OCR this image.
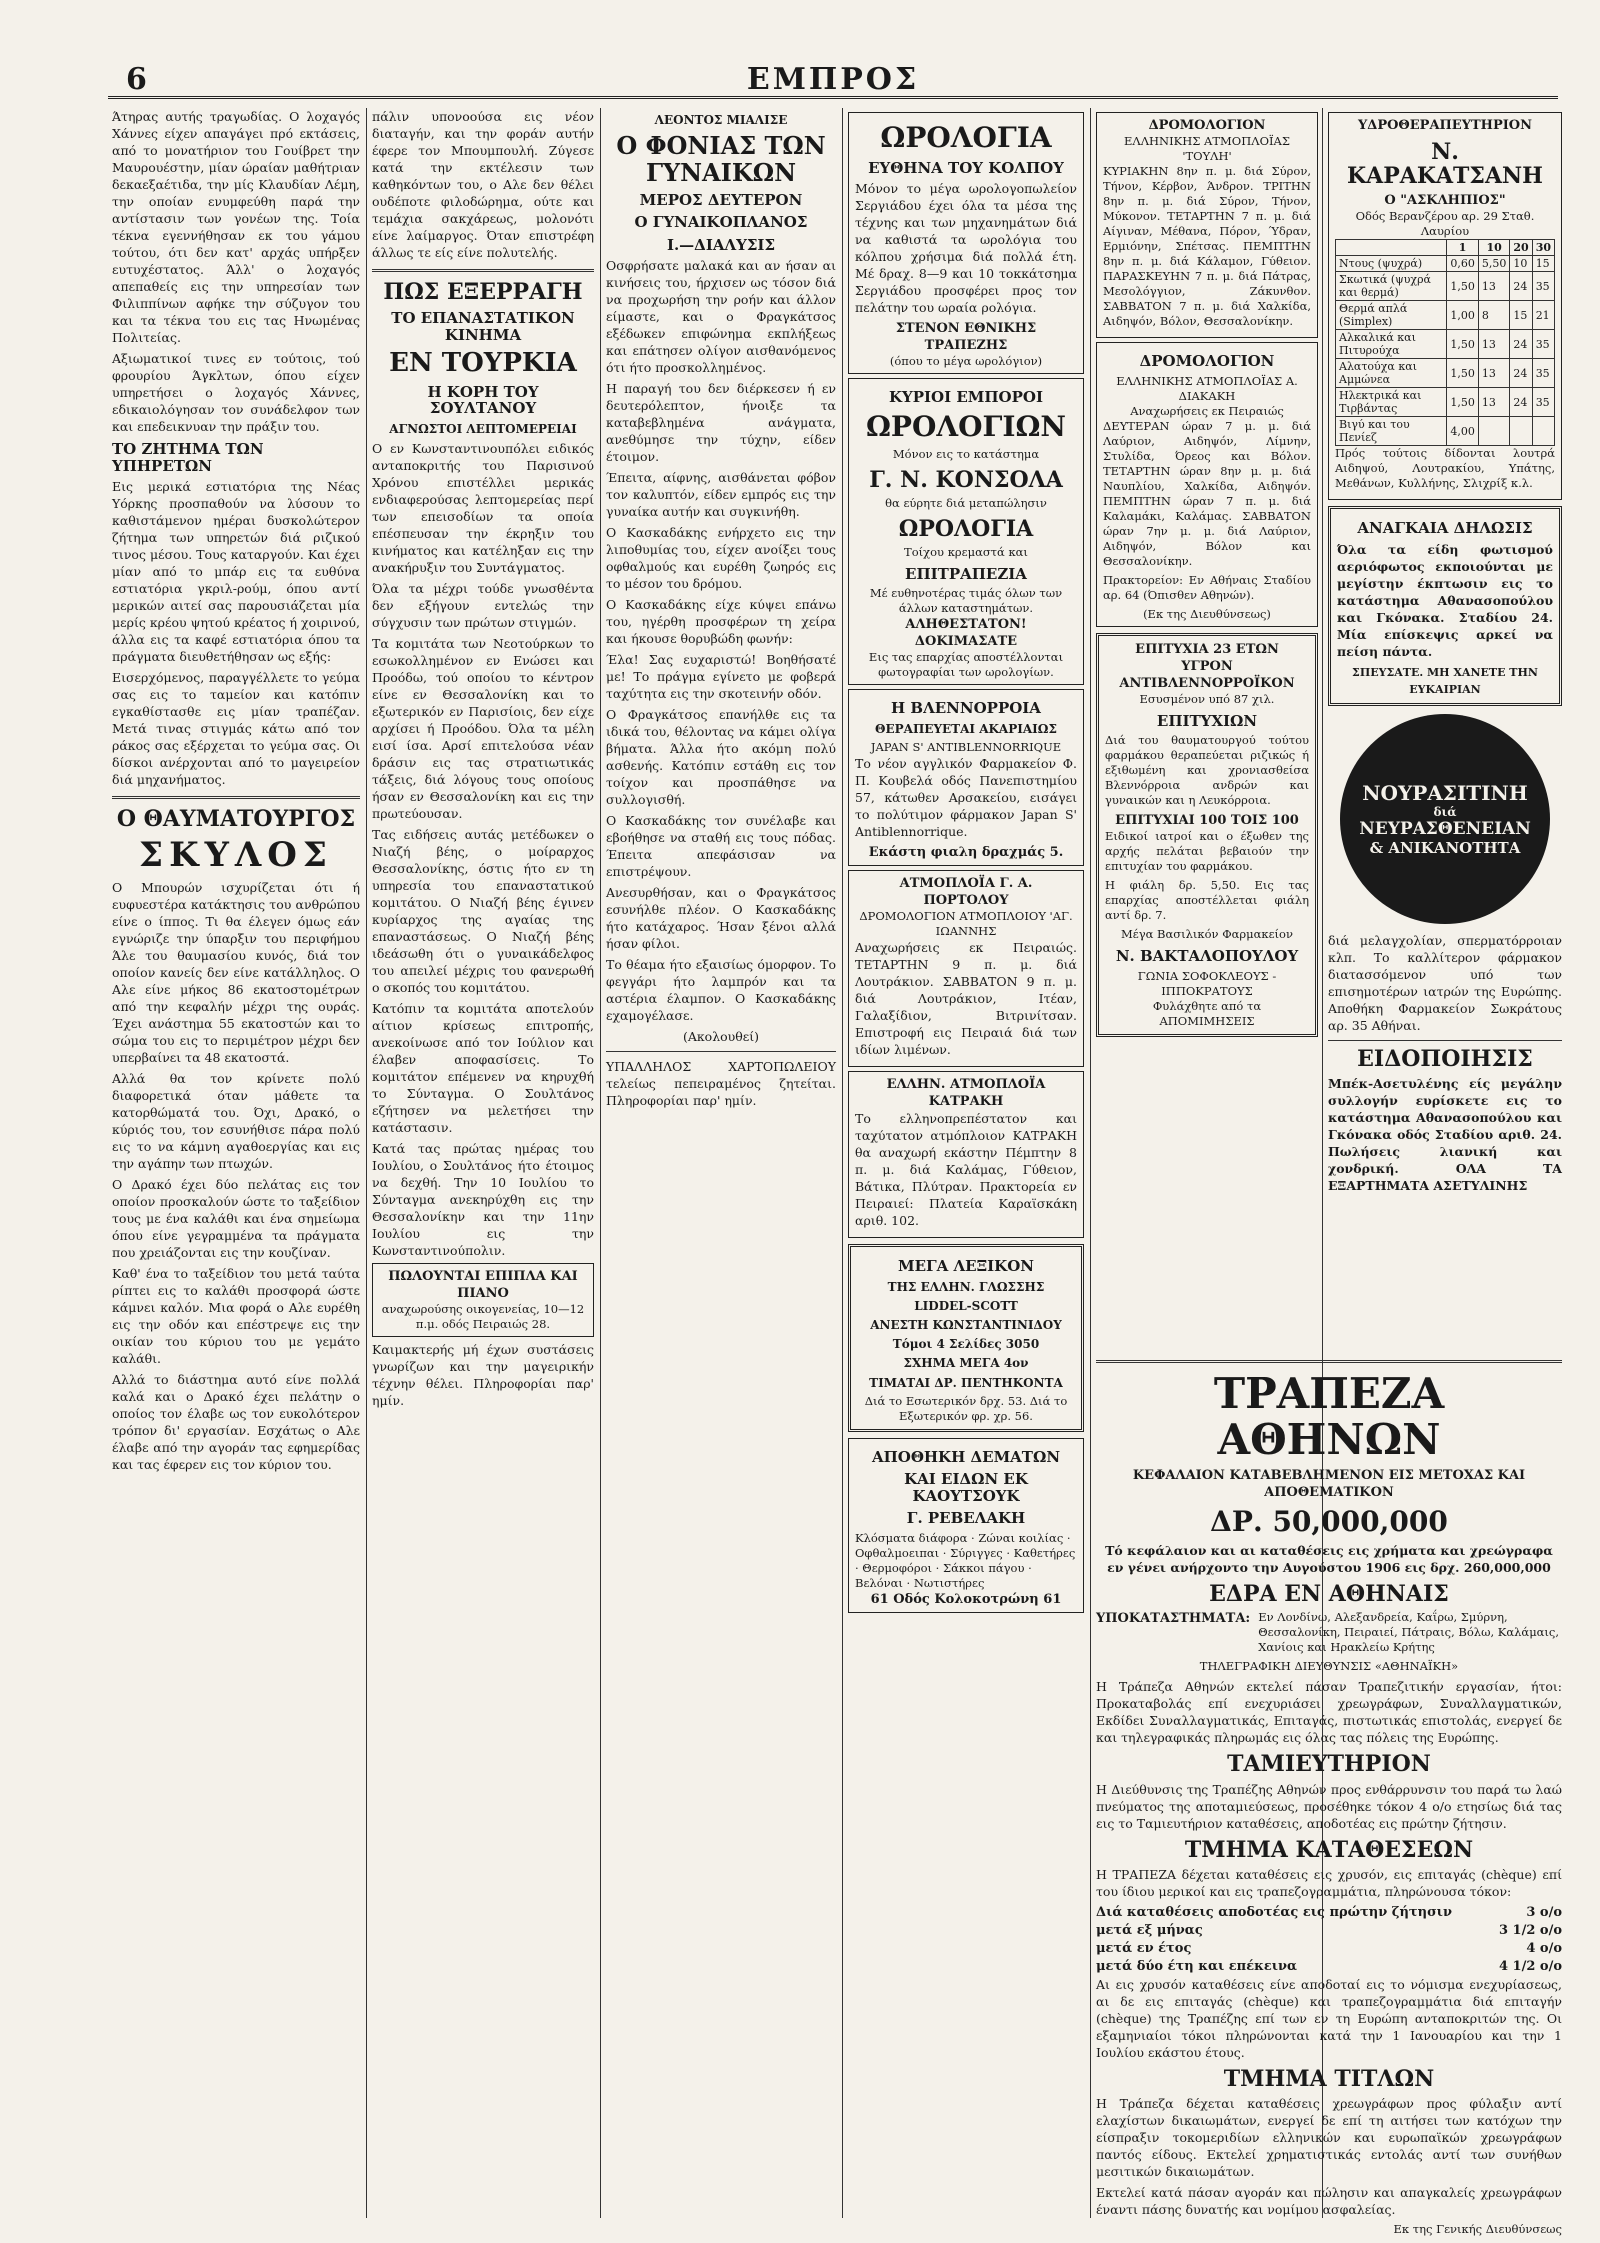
6	ΕΜΠΡΟΣ

Άτηρας αυτής τραγωδίας. Ο λοχαγός Χάννες είχεν απαγάγει πρό εκτάσεις, από το μονατήριον του Γουίβρετ την Μαυρουέστην, μίαν ώραίαν μαθήτριαν δεκαεξαέτιδα, την μίς Κλαυδίαν Λέμη, την οποίαν ενυμφεύθη παρά την αντίστασιν των γονέων της. Τοία τέκνα εγεννήθησαν εκ του γάμου τούτου, ότι δεν κατ' αρχάς υπήρξεν ευτυχέστατος. Άλλ' ο λοχαγός απεπαθείς εις την υπηρεσίαν των Φιλιππίνων αφήκε την σύζυγον του και τα τέκνα του εις τας Ηνωμένας Πολιτείας.

Αξιωματικοί τινες εν τούτοις, τού φρουρίου Άγκλτων, όπου είχεν υπηρετήσει ο λοχαγός Χάννες, εδικαιολόγησαν τον συνάδελφον των και επεδεικνυαν την πράξιν του.

ΤΟ ΖΗΤΗΜΑ ΤΩΝ ΥΠΗΡΕΤΩΝ

Εις μερικά εστιατόρια της Νέας Υόρκης προσπαθούν να λύσουν το καθιστάμενον ημέραι δυσκολώτερον ζήτημα των υπηρετών διά ριζικού τινος μέσου. Τους καταργούν. Και έχει μίαν από το μπάρ εις τα ευθύνα εστιατόρια γκριλ-ρούμ, όπου αντί μερικών αιτεί σας παρουσιάζεται μία μερίς κρέου ψητού κρέατος ή χοιρινού, άλλα εις τα καφέ εστιατόρια όπου τα πράγματα διευθετήθησαν ως εξής:

Εισερχόμενος, παραγγέλλετε το γεύμα σας εις το ταμείον και κατόπιν εγκαθίστασθε εις μίαν τραπέζαν. Μετά τινας στιγμάς κάτω από τον ράκος σας εξέρχεται το γεύμα σας. Οι δίσκοι ανέρχονται από το μαγειρείον διά μηχανήματος.

Ο ΘΑΥΜΑΤΟΥΡΓΟΣ
ΣΚΥΛΟΣ

Ο Μπουρών ισχυρίζεται ότι ή ευφυεστέρα κατάκτησις του ανθρώπου είνε ο ίππος. Τι θα έλεγεν όμως εάν εγνώριζε την ύπαρξιν του περιφήμου Άλε του θαυμασίου κυνός, διά τον οποίον κανείς δεν είνε κατάλληλος. Ο Αλε είνε μήκος 86 εκατοστομέτρων από την κεφαλήν μέχρι της ουράς. Έχει ανάστημα 55 εκατοστών και το σώμα του εις το περιμέτρον μέχρι δεν υπερβαίνει τα 48 εκατοστά.

Αλλά θα τον κρίνετε πολύ διαφορετικά όταν μάθετε τα κατορθώματά του. Όχι, Δρακό, ο κύριός του, τον εσυνήθισε πάρα πολύ εις το να κάμνη αγαθοεργίας και εις την αγάπην των πτωχών.

Ο Δρακό έχει δύο πελάτας εις τον οποίον προσκαλούν ώστε το ταξείδιον τους με ένα καλάθι και ένα σημείωμα όπου είνε γεγραμμένα τα πράγματα που χρειάζονται εις την κουζίναν.

Καθ' ένα το ταξείδιον του μετά ταύτα ρίπτει εις το καλάθι προσφορά ώστε κάμνει καλόν. Μια φορά ο Αλε ευρέθη εις την οδόν και επέστρεψε εις την οικίαν του κύριου του με γεμάτο καλάθι.

Αλλά το διάστημα αυτό είνε πολλά καλά και ο Δρακό έχει πελάτην ο οποίος τον έλαβε ως τον ευκολότερον τρόπον δι' εργασίαν. Εσχάτως ο Αλε έλαβε από την αγοράν τας εφημερίδας και τας έφερεν εις τον κύριον του.

πάλιν υπονοούσα εις νέον διαταγήν, και την φοράν αυτήν έφερε τον Μπουμπουλή. Ζύγεσε κατά την εκτέλεσιν των καθηκόντων του, ο Αλε δεν θέλει ουδέποτε φιλοδώρημα, ούτε και τεμάχια σακχάρεως, μολονότι είνε λαίμαργος. Όταν επιστρέφη άλλως τε είς είνε πολυτελής.

ΠΩΣ ΕΞΕΡΡΑΓΗ
ΤΟ ΕΠΑΝΑΣΤΑΤΙΚΟΝ ΚΙΝΗΜΑ
ΕΝ ΤΟΥΡΚΙΑ
Η ΚΟΡΗ ΤΟΥ ΣΟΥΛΤΑΝΟΥ
ΑΓΝΩΣΤΟΙ ΛΕΠΤΟΜΕΡΕΙΑΙ

Ο εν Κωνσταντινουπόλει ειδικός ανταποκριτής του Παρισινού Χρόνου επιστέλλει μερικάς ενδιαφερούσας λεπτομερείας περί των επεισοδίων τα οποία επέσπευσαν την έκρηξιν του κινήματος και κατέληξαν εις την ανακήρυξιν του Συντάγματος.

Όλα τα μέχρι τούδε γνωσθέντα δεν εξήγουν εντελώς την σύγχυσιν των πρώτων στιγμών.

Τα κομιτάτα των Νεοτούρκων το εσωκολλημένον εν Ενώσει και Προόδω, τού οποίου το κέντρον είνε εν Θεσσαλονίκη και το εξωτερικόν εν Παρισίοις, δεν είχε αρχίσει ή Προόδου. Όλα τα μέλη εισί ίσα. Αρσί επιτελούσα νέαν δράσιν εις τας στρατιωτικάς τάξεις, διά λόγους τους οποίους ήσαν εν Θεσσαλονίκη και εις την πρωτεύουσαν.

Τας ειδήσεις αυτάς μετέδωκεν ο Νιαζή βέης, ο μοίραρχος Θεσσαλονίκης, όστις ήτο εν τη υπηρεσία του επαναστατικού κομιτάτου. Ο Νιαζή βέης έγινεν κυρίαρχος της αγαίας της επαναστάσεως. Ο Νιαζή βέης ιδεάσωθη ότι ο γυναικάδελφος του απειλεί μέχρις του φανερωθή ο σκοπός του κομιτάτου.

Κατόπιν τα κομιτάτα αποτελούν αίτιον κρίσεως επιτροπής, ανεκοίνωσε από τον Ιούλιον και έλαβεν αποφασίσεις. Το κομιτάτον επέμενεν να κηρυχθή το Σύνταγμα. Ο Σουλτάνος εζήτησεν να μελετήσει την κατάστασιν.

Κατά τας πρώτας ημέρας του Ιουλίου, ο Σουλτάνος ήτο έτοιμος να δεχθή. Την 10 Ιουλίου το Σύνταγμα ανεκηρύχθη εις την Θεσσαλονίκην και την 11ην Ιουλίου εις την Κωνσταντινούπολιν.

ΠΩΛΟΥΝΤΑΙ ΕΠΙΠΛΑ ΚΑΙ ΠΙΑΝΟ
αναχωρούσης οικογενείας, 10—12 π.μ. οδός Πειραιώς 28.

Καιμακτερής μή έχων συστάσεις γνωρίζων και την μαγειρικήν τέχνην θέλει. Πληροφορίαι παρ' ημίν.

ΛΕΟΝΤΟΣ ΜΙΑΛΙΣΕ
Ο ΦΟΝΙΑΣ ΤΩΝ ΓΥΝΑΙΚΩΝ
ΜΕΡΟΣ ΔΕΥΤΕΡΟΝ
Ο ΓΥΝΑΙΚΟΠΛΑΝΟΣ
Ι.—ΔΙΑΛΥΣΙΣ

Οσφρήσατε μαλακά και αν ήσαν αι κινήσεις του, ήρχισεν ως τόσον διά να προχωρήση την ροήν και άλλον είμαστε, και ο Φραγκάτσος εξέδωκεν επιφώνημα εκπλήξεως και επάτησεν ολίγον αισθανόμενος ότι ήτο προσκολλημένος.

Η παραγή του δεν διέρκεσεν ή εν δευτερόλεπτον, ήνοιξε τα καταβεβλημένα ανάγματα, ανεθύμησε την τύχην, είδεν έτοιμον.

Έπειτα, αίφνης, αισθάνεται φόβον τον καλυπτόν, είδεν εμπρός εις την γυναίκα αυτήν και συγκινήθη.

Ο Κασκαδάκης ενήρχετο εις την λιποθυμίας του, είχεν ανοίξει τους οφθαλμούς και ευρέθη ζωηρός εις το μέσον του δρόμου.

Ο Κασκαδάκης είχε κύψει επάνω του, ηγέρθη προσφέρων τη χείρα και ήκουσε θορυβώδη φωνήν:

Έλα! Σας ευχαριστώ! Βοηθήσατέ με! Το πράγμα εγίνετο με φοβερά ταχύτητα εις την σκοτεινήν οδόν.

Ο Φραγκάτσος επανήλθε εις τα ιδικά του, θέλοντας να κάμει ολίγα βήματα. Άλλα ήτο ακόμη πολύ ασθενής. Κατόπιν εστάθη εις τον τοίχον και προσπάθησε να συλλογισθή.

Ο Κασκαδάκης τον συνέλαβε και εβοήθησε να σταθή εις τους πόδας. Έπειτα απεφάσισαν να επιστρέψουν.

Ανεσυρθήσαν, και ο Φραγκάτσος εσυνήλθε πλέον. Ο Κασκαδάκης ήτο κατάχαρος. Ήσαν ξένοι αλλά ήσαν φίλοι.

Το θέαμα ήτο εξαισίως όμορφον. Το φεγγάρι ήτο λαμπρόν και τα αστέρια έλαμπον. Ο Κασκαδάκης εχαμογέλασε.

(Ακολουθεί)

ΥΠΑΛΛΗΛΟΣ ΧΑΡΤΟΠΩΛΕΙΟΥ τελείως πεπειραμένος ζητείται. Πληροφορίαι παρ' ημίν.

ΩΡΟΛΟΓΙΑ
ΕΥΘΗΝΑ ΤΟΥ ΚΟΛΠΟΥ

Μόνον το μέγα ωρολογοπωλείον Σεργιάδου έχει όλα τα μέσα της τέχνης και των μηχανημάτων διά να καθιστά τα ωρολόγια του κόλπου χρήσιμα διά πολλά έτη. Μέ δραχ. 8—9 και 10 τοκκάτσημα Σεργιάδου προσφέρει προς τον πελάτην του ωραία ρολόγια.

ΣΤΕΝΟΝ ΕΘΝΙΚΗΣ ΤΡΑΠΕΖΗΣ
(όπου το μέγα ωρολόγιον)
ΚΥΡΙΟΙ ΕΜΠΟΡΟΙ
ΩΡΟΛΟΓΙΩΝ
Μόνον εις το κατάστημα
Γ. Ν. ΚΟΝΣΟΛΑ
θα εύρητε διά μεταπώλησιν
ΩΡΟΛΟΓΙΑ
Τοίχου κρεμαστά και
ΕΠΙΤΡΑΠΕΖΙΑ
Μέ ευθηνοτέρας τιμάς όλων των άλλων καταστημάτων.
ΑΛΗΘΕΣΤΑΤΟΝ! ΔΟΚΙΜΑΣΑΤΕ
Εις τας επαρχίας αποστέλλονται φωτογραφίαι των ωρολογίων.
Η ΒΛΕΝΝΟΡΡΟΙΑ
ΘΕΡΑΠΕΥΕΤΑΙ ΑΚΑΡΙΑΙΩΣ
JAPAN S' ANTIBLENNORRIQUE

Το νέον αγγλικόν Φαρμακείον Φ. Π. Κουβελά οδός Πανεπιστημίου 57, κάτωθεν Αρσακείου, εισάγει το πολύτιμον φάρμακον Japan S' Antiblennorrique.

Εκάστη φιαλη δραχμάς 5.
ΑΤΜΟΠΛΟΪΑ Γ. Α. ΠΟΡΤΟΛΟΥ
ΔΡΟΜΟΛΟΓΙΟΝ ΑΤΜΟΠΛΟΙΟΥ 'ΑΓ. ΙΩΑΝΝΗΣ

Αναχωρήσεις εκ Πειραιώς. ΤΕΤΑΡΤΗΝ 9 π. μ. διά Λουτράκιον. ΣΑΒΒΑΤΟΝ 9 π. μ. διά Λουτράκιον, Ιτέαν, Γαλαξίδιον, Βιτρινίτσαν. Επιστροφή εις Πειραιά διά των ιδίων λιμένων.

ΕΛΛΗΝ. ΑΤΜΟΠΛΟΪΑ ΚΑΤΡΑΚΗ

Το ελληνοπρεπέστατον και ταχύτατον ατμόπλοιον ΚΑΤΡΑΚΗ θα αναχωρή εκάστην Πέμπτην 8 π. μ. διά Καλάμας, Γύθειον, Βάτικα, Πλύτραν. Πρακτορεία εν Πειραιεί: Πλατεία Καραϊσκάκη αριθ. 102.

ΜΕΓΑ ΛΕΞΙΚΟΝ
ΤΗΣ ΕΛΛΗΝ. ΓΛΩΣΣΗΣ
LIDDEL-SCOTT
ΑΝΕΣΤΗ ΚΩΝΣΤΑΝΤΙΝΙΔΟΥ
Τόμοι 4 Σελίδες 3050
ΣΧΗΜΑ ΜΕΓΑ 4ον
ΤΙΜΑΤΑΙ ΔΡ. ΠΕΝΤΗΚΟΝΤΑ
Διά το Εσωτερικόν δρχ. 53. Διά το Εξωτερικόν φρ. χρ. 56.
ΑΠΟΘΗΚΗ ΔΕΜΑΤΩΝ
ΚΑΙ ΕΙΔΩΝ ΕΚ ΚΑΟΥΤΣΟΥΚ
Γ. ΡΕΒΕΛΑΚΗ
Κλόσματα διάφορα · Ζώναι κοιλίας · Οφθαλμοειπαι · Σύριγγες · Καθετήρες · Θερμοφόροι · Σάκκοι πάγου · Βελόναι · Νωτιστήρες
61 Οδός Κολοκοτρώνη 61
ΔΡΟΜΟΛΟΓΙΟΝ
ΕΛΛΗΝΙΚΗΣ ΑΤΜΟΠΛΟΪΑΣ 'ΤΟΥΛΗ'

ΚΥΡΙΑΚΗΝ 8ην π. μ. διά Σύρον, Τήνον, Κέρβον, Άνδρον. ΤΡΙΤΗΝ 8ην π. μ. διά Σύρον, Τήνον, Μύκονον. ΤΕΤΑΡΤΗΝ 7 π. μ. διά Αίγιναν, Μέθανα, Πόρον, Ύδραν, Ερμιόνην, Σπέτσας. ΠΕΜΠΤΗΝ 8ην π. μ. διά Κάλαμον, Γύθειον. ΠΑΡΑΣΚΕΥΗΝ 7 π. μ. διά Πάτρας, Μεσολόγγιον, Ζάκυνθον. ΣΑΒΒΑΤΟΝ 7 π. μ. διά Χαλκίδα, Αιδηψόν, Βόλον, Θεσσαλονίκην.

ΔΡΟΜΟΛΟΓΙΟΝ
ΕΛΛΗΝΙΚΗΣ ΑΤΜΟΠΛΟΪΑΣ Α. ΔΙΑΚΑΚΗ
Αναχωρήσεις εκ Πειραιώς

ΔΕΥΤΕΡΑΝ ώραν 7 μ. μ. διά Λαύριον, Αιδηψόν, Λίμνην, Στυλίδα, Όρεος και Βόλον. ΤΕΤΑΡΤΗΝ ώραν 8ην μ. μ. διά Ναυπλίου, Χαλκίδα, Αιδηψόν. ΠΕΜΠΤΗΝ ώραν 7 π. μ. διά Καλαμάκι, Καλάμας. ΣΑΒΒΑΤΟΝ ώραν 7ην μ. μ. διά Λαύριον, Αιδηψόν, Βόλον και Θεσσαλονίκην.

Πρακτορείον: Εν Αθήναις Σταδίου αρ. 64 (Όπισθεν Αθηνών).

(Εκ της Διευθύνσεως)
ΕΠΙΤΥΧΙΑ 23 ΕΤΩΝ
ΥΓΡΟΝ ΑΝΤΙΒΛΕΝΝΟΡΡΟΪΚΟΝ
Εσυσμένον υπό 87 χιλ.
ΕΠΙΤΥΧΙΩΝ

Διά του θαυματουργού τούτου φαρμάκου θεραπεύεται ριζικώς ή εξιθωμένη και χρονιασθείσα Βλεννόρροια ανδρών και γυναικών και η Λευκόρροια.

ΕΠΙΤΥΧΙΑΙ 100 ΤΟΙΣ 100

Ειδικοί ιατροί και ο έξωθεν της αρχής πελάται βεβαιούν την επιτυχίαν του φαρμάκου.

Η φιάλη δρ. 5,50. Εις τας επαρχίας αποστέλλεται φιάλη αντί δρ. 7.

Μέγα Βασιλικόν Φαρμακείον
Ν. ΒΑΚΤΑΛΟΠΟΥΛΟΥ
ΓΩΝΙΑ ΣΟΦΟΚΛΕΟΥΣ - ΙΠΠΟΚΡΑΤΟΥΣ
Φυλάχθητε από τα ΑΠΟΜΙΜΗΣΕΙΣ
ΥΔΡΟΘΕΡΑΠΕΥΤΗΡΙΟΝ
Ν. ΚΑΡΑΚΑΤΣΑΝΗ
Ο "ΑΣΚΛΗΠΙΟΣ"
Οδός Βερανζέρου αρ. 29 Σταθ. Λαυρίου
	1	10	20	30
Ντους (ψυχρά)	0,60	5,50	10	15
Σκωτικά (ψυχρά και θερμά)	1,50	13	24	35
Θερμά απλά (Simplex)	1,00	8	15	21
Αλκαλικά και Πιτυρούχα	1,50	13	24	35
Αλατούχα και Αμμώνεα	1,50	13	24	35
Ηλεκτρικά και Τιρβάντας	1,50	13	24	35
Βιγύ και του Πενίεζ	4,00			

Πρός τούτοις δίδονται λουτρά Αιδηψού, Λουτρακίου, Υπάτης, Μεθάνων, Κυλλήνης, Σλιχρίξ κ.λ.

ΑΝΑΓΚΑΙΑ ΔΗΛΩΣΙΣ

Όλα τα είδη φωτισμού αεριόφωτος εκποιούνται με μεγίστην έκπτωσιν εις το κατάστημα Αθανασοπούλου και Γκόνακα. Σταδίου 24. Μία επίσκεψις αρκεί να πείση πάντα.

ΣΠΕΥΣΑΤΕ. ΜΗ ΧΑΝΕΤΕ ΤΗΝ ΕΥΚΑΙΡΙΑΝ
ΝΟΥΡΑΣΙΤΙΝΗ
διά
ΝΕΥΡΑΣΘΕΝΕΙΑΝ
& ΑΝΙΚΑΝΟΤΗΤΑ

διά μελαγχολίαν, σπερματόρροιαν κλπ. Το καλλίτερον φάρμακον διατασσόμενον υπό των επισημοτέρων ιατρών της Ευρώπης. Αποθήκη Φαρμακείον Σωκράτους αρ. 35 Αθήναι.

ΕΙΔΟΠΟΙΗΣΙΣ

Μπέκ-Ασετυλένης είς μεγάλην συλλογήν ευρίσκετε εις το κατάστημα Αθανασοπούλου και Γκόνακα οδός Σταδίου αριθ. 24. Πωλήσεις λιανική και χονδρική. ΟΛΑ ΤΑ ΕΞΑΡΤΗΜΑΤΑ ΑΣΕΤΥΛΙΝΗΣ

ΤΡΑΠΕΖΑ ΑΘΗΝΩΝ
ΚΕΦΑΛΑΙΟΝ ΚΑΤΑΒΕΒΛΗΜΕΝΟΝ ΕΙΣ ΜΕΤΟΧΑΣ ΚΑΙ ΑΠΟΘΕΜΑΤΙΚΟΝ
ΔΡ. 50,000,000

Τό κεφάλαιον και αι καταθέσεις εις χρήματα και χρεώγραφα εν γένει ανήρχοντο την Αυγούστου 1906 εις δρχ. 260,000,000

ΕΔΡΑ ΕΝ ΑΘΗΝΑΙΣ
ΥΠΟΚΑΤΑΣΤΗΜΑΤΑ: Εν Λονδίνω, Αλεξανδρεία, Καΐρω, Σμύρνη, Θεσσαλονίκη, Πειραιεί, Πάτραις, Βόλω, Καλάμαις, Χανίοις και Ηρακλείω Κρήτης
ΤΗΛΕΓΡΑΦΙΚΗ ΔΙΕΥΘΥΝΣΙΣ «ΑΘΗΝΑΪΚΗ»

Η Τράπεζα Αθηνών εκτελεί πάσαν Τραπεζιτικήν εργασίαν, ήτοι: Προκαταβολάς επί ενεχυριάσει χρεωγράφων, Συναλλαγματικών, Εκδίδει Συναλλαγματικάς, Επιταγάς, πιστωτικάς επιστολάς, ενεργεί δε και τηλεγραφικάς πληρωμάς εις όλας τας πόλεις της Ευρώπης.

ΤΑΜΙΕΥΤΗΡΙΟΝ

Η Διεύθυνσις της Τραπέζης Αθηνών προς ενθάρρυνσιν του παρά τω λαώ πνεύματος της αποταμιεύσεως, προσέθηκε τόκον 4 ο/ο ετησίως διά τας εις το Ταμιευτήριον καταθέσεις, αποδοτέας εις πρώτην ζήτησιν.

ΤΜΗΜΑ ΚΑΤΑΘΕΣΕΩΝ

Η ΤΡΑΠΕΖΑ δέχεται καταθέσεις εις χρυσόν, εις επιταγάς (chèque) επί του ίδιου μερικοί και εις τραπεζογραμμάτια, πληρώνουσα τόκον:

Διά καταθέσεις αποδοτέας εις πρώτην ζήτησιν	3 ο/ο
μετά εξ μήνας	3 1/2 ο/ο
μετά εν έτος	4 ο/ο
μετά δύο έτη και επέκεινα	4 1/2 ο/ο

Αι εις χρυσόν καταθέσεις είνε αποδοταί εις το νόμισμα ενεχυρίασεως, αι δε εις επιταγάς (chèque) και τραπεζογραμμάτια διά επιταγήν (chèque) της Τραπέζης επί των εν τη Ευρώπη ανταποκριτών της. Οι εξαμηνιαίοι τόκοι πληρώνονται κατά την 1 Ιανουαρίου και την 1 Ιουλίου εκάστου έτους.

ΤΜΗΜΑ ΤΙΤΛΩΝ

Η Τράπεζα δέχεται καταθέσεις χρεωγράφων προς φύλαξιν αντί ελαχίστων δικαιωμάτων, ενεργεί δε επί τη αιτήσει των κατόχων την είσπραξιν τοκομεριδίων ελληνικών και ευρωπαϊκών χρεωγράφων παντός είδους. Εκτελεί χρηματιστικάς εντολάς αντί των συνήθων μεσιτικών δικαιωμάτων.

Εκτελεί κατά πάσαν αγοράν και πώλησιν και απαγκαλείς χρεωγράφων έναντι πάσης δυνατής και νομίμου ασφαλείας.

Εκ της Γενικής Διευθύνσεως
